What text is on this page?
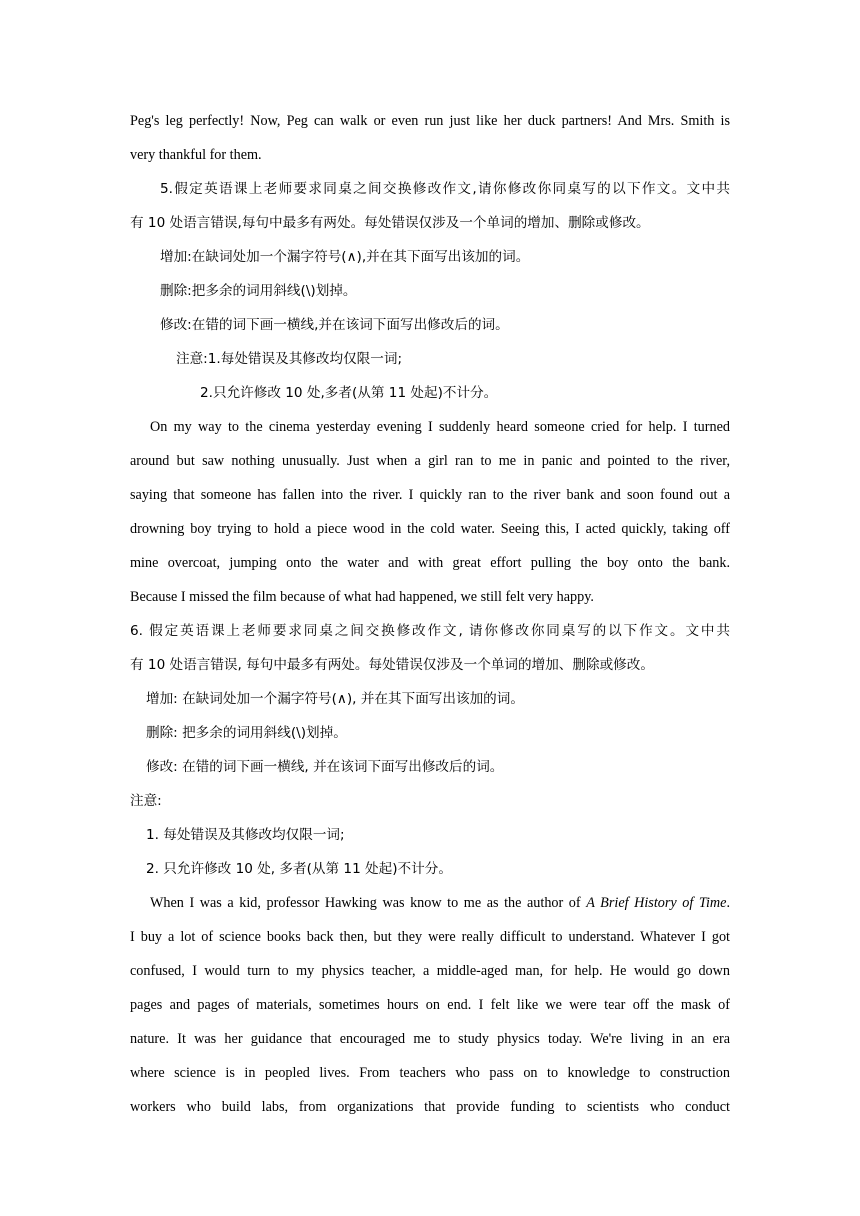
Peg's leg perfectly! Now, Peg can walk or even run just like her duck partners! And Mrs. Smith is

very thankful for them.

5.假定英语课上老师要求同桌之间交换修改作文,请你修改你同桌写的以下作文。文中共

有 10 处语言错误,每句中最多有两处。每处错误仅涉及一个单词的增加、删除或修改。

增加:在缺词处加一个漏字符号(∧),并在其下面写出该加的词。

删除:把多余的词用斜线(\)划掉。

修改:在错的词下画一横线,并在该词下面写出修改后的词。

注意:1.每处错误及其修改均仅限一词;

2.只允许修改 10 处,多者(从第 11 处起)不计分。

On my way to the cinema yesterday evening I suddenly heard someone cried for help. I turned

around but saw nothing unusually. Just when a girl ran to me in panic and pointed to the river,

saying that someone has fallen into the river. I quickly ran to the river bank and soon found out a

drowning boy trying to hold a piece wood in the cold water. Seeing this, I acted quickly, taking off

mine overcoat, jumping onto the water and with great effort pulling the boy onto the bank.

Because I missed the film because of what had happened, we still felt very happy.

6. 假定英语课上老师要求同桌之间交换修改作文, 请你修改你同桌写的以下作文。文中共

有 10 处语言错误, 每句中最多有两处。每处错误仅涉及一个单词的增加、删除或修改。

增加: 在缺词处加一个漏字符号(∧), 并在其下面写出该加的词。

删除: 把多余的词用斜线(\)划掉。

修改: 在错的词下画一横线, 并在该词下面写出修改后的词。

注意:

1. 每处错误及其修改均仅限一词;

2. 只允许修改 10 处, 多者(从第 11 处起)不计分。

When I was a kid, professor Hawking was know to me as the author of A Brief History of Time.

I buy a lot of science books back then, but they were really difficult to understand. Whatever I got

confused, I would turn to my physics teacher, a middle-aged man, for help. He would go down

pages and pages of materials, sometimes hours on end. I felt like we were tear off the mask of

nature. It was her guidance that encouraged me to study physics today. We're living in an era

where science is in peopled lives. From teachers who pass on to knowledge to construction

workers who build labs, from organizations that provide funding to scientists who conduct
